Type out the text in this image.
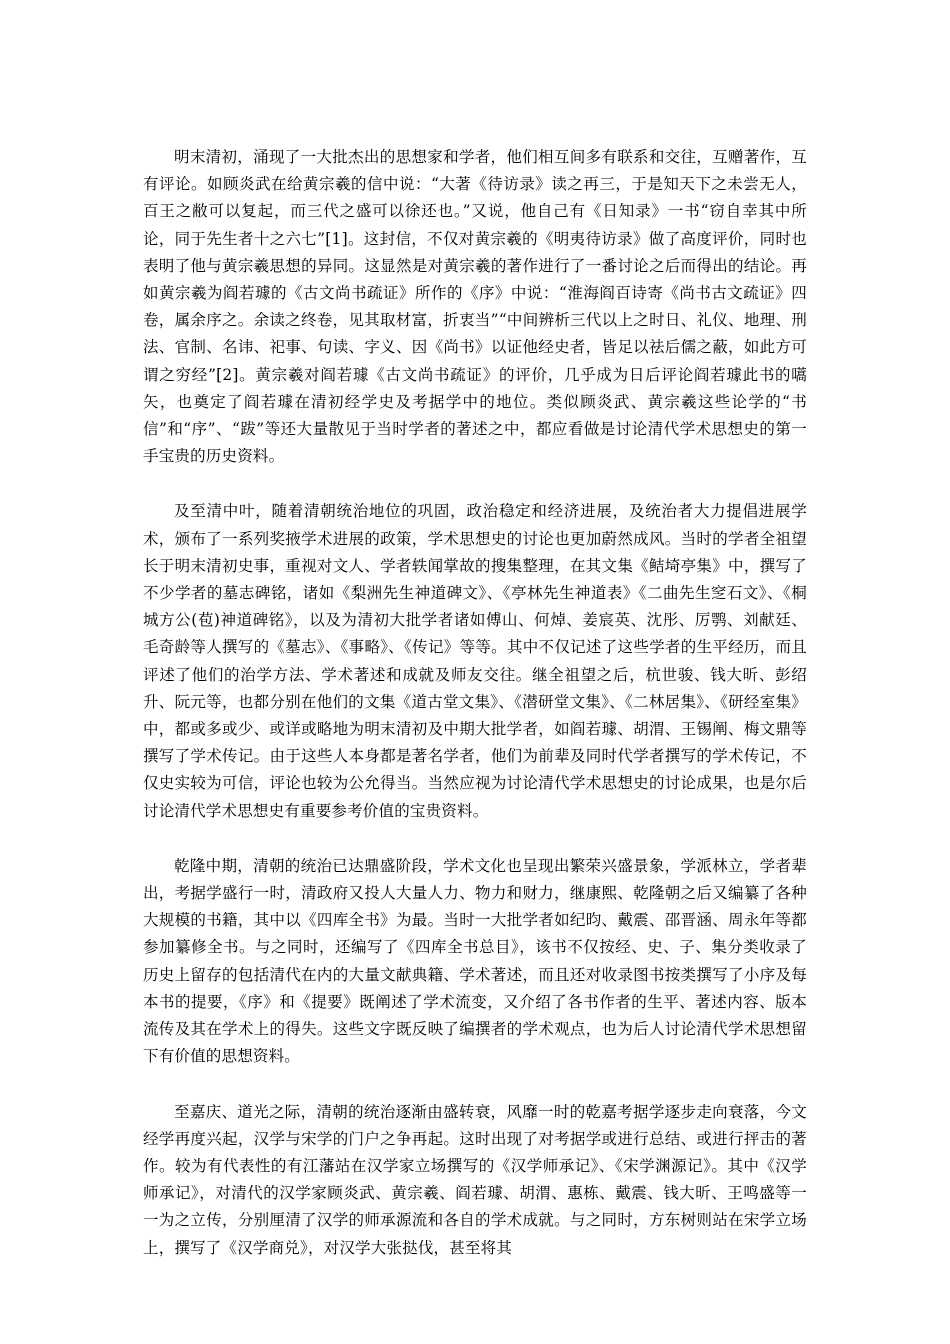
明末清初，涌现了一大批杰出的思想家和学者，他们相互间多有联系和交往，互赠著作，互有评论。如顾炎武在给黄宗羲的信中说：“大著《待访录》读之再三，于是知天下之未尝无人，百王之敝可以复起，而三代之盛可以徐还也。”又说，他自己有《日知录》一书“窃自幸其中所论，同于先生者十之六七”[1]。这封信，不仅对黄宗羲的《明夷待访录》做了高度评价，同时也表明了他与黄宗羲思想的异同。这显然是对黄宗羲的著作进行了一番讨论之后而得出的结论。再如黄宗羲为阎若璩的《古文尚书疏证》所作的《序》中说：“淮海阎百诗寄《尚书古文疏证》四卷，属余序之。余读之终卷，见其取材富，折衷当”“中间辨析三代以上之时日、礼仪、地理、刑法、官制、名讳、祀事、句读、字义、因《尚书》以证他经史者，皆足以祛后儒之蔽，如此方可谓之穷经”[2]。黄宗羲对阎若璩《古文尚书疏证》的评价，几乎成为日后评论阎若璩此书的嚆矢，也奠定了阎若璩在清初经学史及考据学中的地位。类似顾炎武、黄宗羲这些论学的“书信”和“序”、“跋”等还大量散见于当时学者的著述之中，都应看做是讨论清代学术思想史的第一手宝贵的历史资料。

及至清中叶，随着清朝统治地位的巩固，政治稳定和经济进展，及统治者大力提倡进展学术，颁布了一系列奖掖学术进展的政策，学术思想史的讨论也更加蔚然成风。当时的学者全祖望长于明末清初史事，重视对文人、学者轶闻掌故的搜集整理，在其文集《鲒埼亭集》中，撰写了不少学者的墓志碑铭，诸如《梨洲先生神道碑文》、《亭林先生神道表》《二曲先生窆石文》、《桐城方公(苞)神道碑铭》，以及为清初大批学者诸如傅山、何焯、姜宸英、沈彤、厉鹗、刘献廷、毛奇龄等人撰写的《墓志》、《事略》、《传记》等等。其中不仅记述了这些学者的生平经历，而且评述了他们的治学方法、学术著述和成就及师友交往。继全祖望之后，杭世骏、钱大昕、彭绍升、阮元等，也都分别在他们的文集《道古堂文集》、《潜研堂文集》、《二林居集》、《研经室集》中，都或多或少、或详或略地为明末清初及中期大批学者，如阎若璩、胡渭、王锡阐、梅文鼎等撰写了学术传记。由于这些人本身都是著名学者，他们为前辈及同时代学者撰写的学术传记，不仅史实较为可信，评论也较为公允得当。当然应视为讨论清代学术思想史的讨论成果，也是尔后讨论清代学术思想史有重要参考价值的宝贵资料。

乾隆中期，清朝的统治已达鼎盛阶段，学术文化也呈现出繁荣兴盛景象，学派林立，学者辈出，考据学盛行一时，清政府又投人大量人力、物力和财力，继康熙、乾隆朝之后又编纂了各种大规模的书籍，其中以《四库全书》为最。当时一大批学者如纪昀、戴震、邵晋涵、周永年等都参加纂修全书。与之同时，还编写了《四库全书总目》，该书不仅按经、史、子、集分类收录了历史上留存的包括清代在内的大量文献典籍、学术著述，而且还对收录图书按类撰写了小序及每本书的提要，《序》和《提要》既阐述了学术流变，又介绍了各书作者的生平、著述内容、版本流传及其在学术上的得失。这些文字既反映了编撰者的学术观点，也为后人讨论清代学术思想留下有价值的思想资料。

至嘉庆、道光之际，清朝的统治逐渐由盛转衰，风靡一时的乾嘉考据学逐步走向衰落，今文经学再度兴起，汉学与宋学的门户之争再起。这时出现了对考据学或进行总结、或进行抨击的著作。较为有代表性的有江藩站在汉学家立场撰写的《汉学师承记》、《宋学渊源记》。其中《汉学师承记》，对清代的汉学家顾炎武、黄宗羲、阎若璩、胡渭、惠栋、戴震、钱大昕、王鸣盛等一一为之立传，分别厘清了汉学的师承源流和各自的学术成就。与之同时，方东树则站在宋学立场上，撰写了《汉学商兑》，对汉学大张挞伐，甚至将其
